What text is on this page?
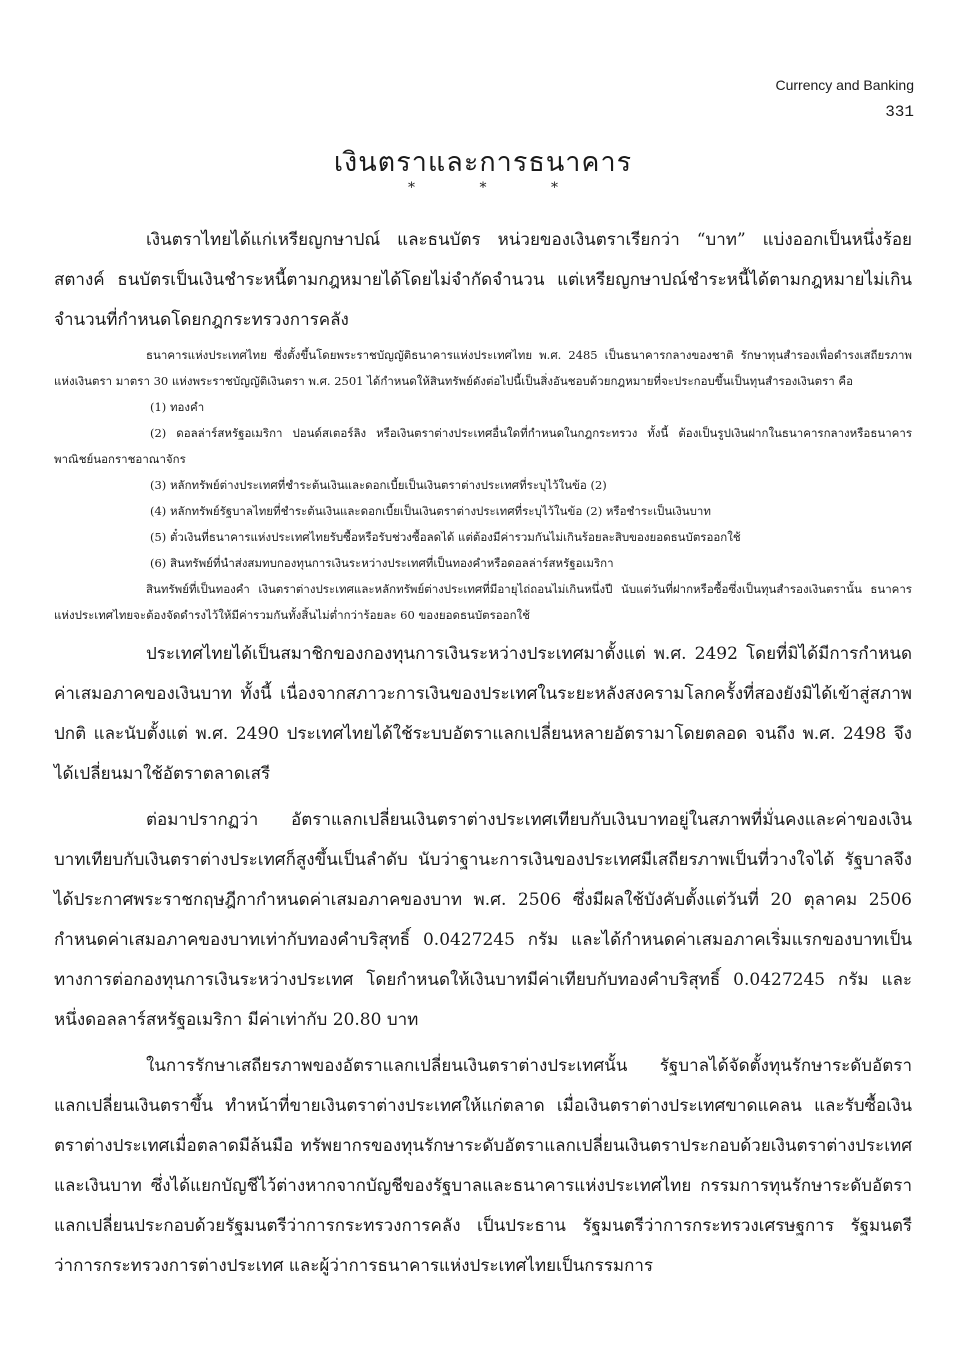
Currency and Banking
331
เงินตราและการธนาคาร
* * *

เงินตราไทยได้แก่เหรียญกษาปณ์ และธนบัตร หน่วยของเงินตราเรียกว่า “บาท” แบ่งออกเป็นหนึ่งร้อยสตางค์ ธนบัตรเป็นเงินชำระหนี้ตามกฎหมายได้โดยไม่จำกัดจำนวน แต่เหรียญกษาปณ์ชำระหนี้ได้ตามกฎหมายไม่เกินจำนวนที่กำหนดโดยกฎกระทรวงการคลัง

ธนาคารแห่งประเทศไทย ซึ่งตั้งขึ้นโดยพระราชบัญญัติธนาคารแห่งประเทศไทย พ.ศ. 2485 เป็นธนาคารกลางของชาติ รักษาทุนสำรองเพื่อดำรงเสถียรภาพแห่งเงินตรา มาตรา 30 แห่งพระราชบัญญัติเงินตรา พ.ศ. 2501 ได้กำหนดให้สินทรัพย์ดังต่อไปนี้เป็นสิ่งอันชอบด้วยกฎหมายที่จะประกอบขึ้นเป็นทุนสำรองเงินตรา คือ

(1) ทองคำ

(2) ดอลล่าร์สหรัฐอเมริกา ปอนด์สเตอร์ลิง หรือเงินตราต่างประเทศอื่นใดที่กำหนดในกฎกระทรวง ทั้งนี้ ต้องเป็นรูปเงินฝากในธนาคารกลางหรือธนาคารพาณิชย์นอกราชอาณาจักร

(3) หลักทรัพย์ต่างประเทศที่ชำระต้นเงินและดอกเบี้ยเป็นเงินตราต่างประเทศที่ระบุไว้ในข้อ (2)

(4) หลักทรัพย์รัฐบาลไทยที่ชำระต้นเงินและดอกเบี้ยเป็นเงินตราต่างประเทศที่ระบุไว้ในข้อ (2) หรือชำระเป็นเงินบาท

(5) ตั๋วเงินที่ธนาคารแห่งประเทศไทยรับซื้อหรือรับช่วงซื้อลดได้ แต่ต้องมีค่ารวมกันไม่เกินร้อยละสิบของยอดธนบัตรออกใช้

(6) สินทรัพย์ที่นำส่งสมทบกองทุนการเงินระหว่างประเทศที่เป็นทองคำหรือดอลล่าร์สหรัฐอเมริกา

สินทรัพย์ที่เป็นทองคำ เงินตราต่างประเทศและหลักทรัพย์ต่างประเทศที่มีอายุไถ่ถอนไม่เกินหนึ่งปี นับแต่วันที่ฝากหรือซื้อซึ่งเป็นทุนสำรองเงินตรานั้น ธนาคารแห่งประเทศไทยจะต้องจัดดำรงไว้ให้มีค่ารวมกันทั้งสิ้นไม่ต่ำกว่าร้อยละ 60 ของยอดธนบัตรออกใช้

ประเทศไทยได้เป็นสมาชิกของกองทุนการเงินระหว่างประเทศมาตั้งแต่ พ.ศ. 2492 โดยที่มิได้มีการกำหนดค่าเสมอภาคของเงินบาท ทั้งนี้ เนื่องจากสภาวะการเงินของประเทศในระยะหลังสงครามโลกครั้งที่สองยังมิได้เข้าสู่สภาพปกติ และนับตั้งแต่ พ.ศ. 2490 ประเทศไทยได้ใช้ระบบอัตราแลกเปลี่ยนหลายอัตรามาโดยตลอด จนถึง พ.ศ. 2498 จึงได้เปลี่ยนมาใช้อัตราตลาดเสรี

ต่อมาปรากฏว่า อัตราแลกเปลี่ยนเงินตราต่างประเทศเทียบกับเงินบาทอยู่ในสภาพที่มั่นคงและค่าของเงินบาทเทียบกับเงินตราต่างประเทศก็สูงขึ้นเป็นลำดับ นับว่าฐานะการเงินของประเทศมีเสถียรภาพเป็นที่วางใจได้ รัฐบาลจึงได้ประกาศพระราชกฤษฎีกากำหนดค่าเสมอภาคของบาท พ.ศ. 2506 ซึ่งมีผลใช้บังคับตั้งแต่วันที่ 20 ตุลาคม 2506 กำหนดค่าเสมอภาคของบาทเท่ากับทองคำบริสุทธิ์ 0.0427245 กรัม และได้กำหนดค่าเสมอภาคเริ่มแรกของบาทเป็นทางการต่อกองทุนการเงินระหว่างประเทศ โดยกำหนดให้เงินบาทมีค่าเทียบกับทองคำบริสุทธิ์ 0.0427245 กรัม และหนึ่งดอลลาร์สหรัฐอเมริกา มีค่าเท่ากับ 20.80 บาท

ในการรักษาเสถียรภาพของอัตราแลกเปลี่ยนเงินตราต่างประเทศนั้น รัฐบาลได้จัดตั้งทุนรักษาระดับอัตราแลกเปลี่ยนเงินตราขึ้น ทำหน้าที่ขายเงินตราต่างประเทศให้แก่ตลาด เมื่อเงินตราต่างประเทศขาดแคลน และรับซื้อเงินตราต่างประเทศเมื่อตลาดมีล้นมือ ทรัพยากรของทุนรักษาระดับอัตราแลกเปลี่ยนเงินตราประกอบด้วยเงินตราต่างประเทศ และเงินบาท ซึ่งได้แยกบัญชีไว้ต่างหากจากบัญชีของรัฐบาลและธนาคารแห่งประเทศไทย กรรมการทุนรักษาระดับอัตราแลกเปลี่ยนประกอบด้วยรัฐมนตรีว่าการกระทรวงการคลัง เป็นประธาน รัฐมนตรีว่าการกระทรวงเศรษฐการ รัฐมนตรีว่าการกระทรวงการต่างประเทศ และผู้ว่าการธนาคารแห่งประเทศไทยเป็นกรรมการ
